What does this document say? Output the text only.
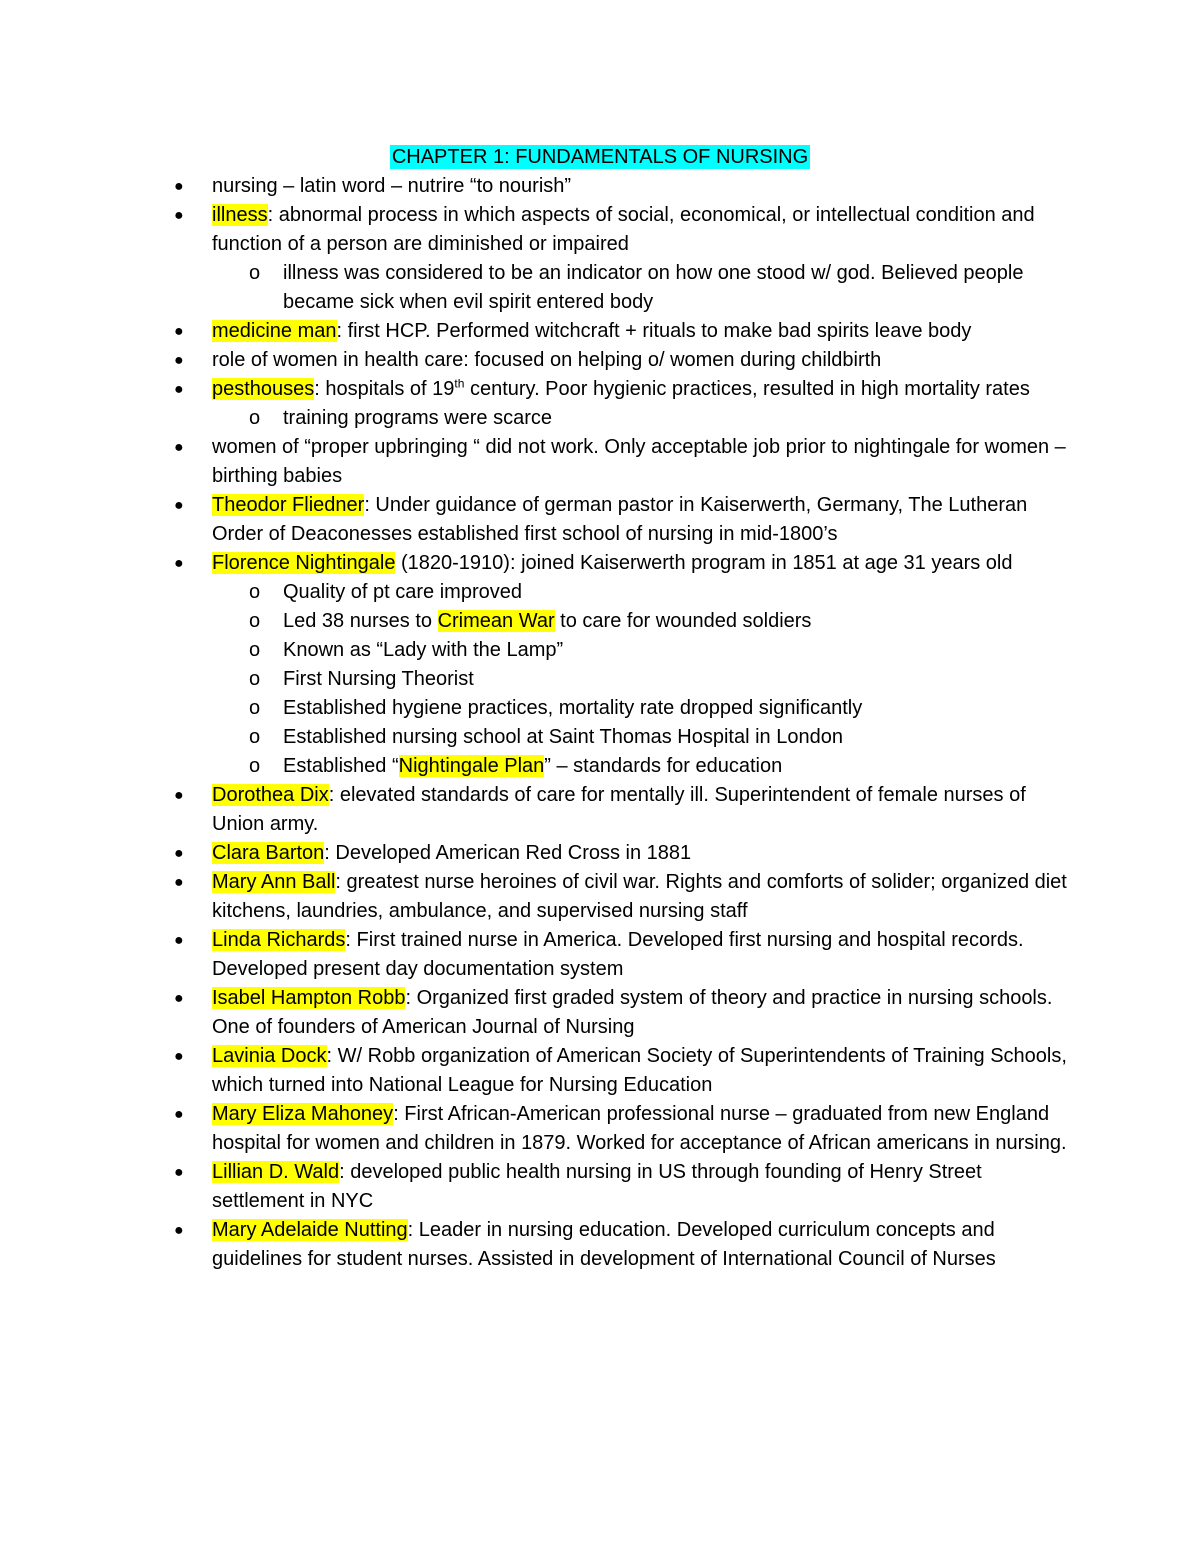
CHAPTER 1: FUNDAMENTALS OF NURSING
● nursing – latin word – nutrire “to nourish”
● illness: abnormal process in which aspects of social, economical, or intellectual condition and function of a person are diminished or impaired
o illness was considered to be an indicator on how one stood w/ god. Believed people became sick when evil spirit entered body
● medicine man: first HCP. Performed witchcraft + rituals to make bad spirits leave body
● role of women in health care: focused on helping o/ women during childbirth
● pesthouses: hospitals of 19th century. Poor hygienic practices, resulted in high mortality rates
o training programs were scarce
● women of “proper upbringing “ did not work. Only acceptable job prior to nightingale for women – birthing babies
● Theodor Fliedner: Under guidance of german pastor in Kaiserwerth, Germany, The Lutheran Order of Deaconesses established first school of nursing in mid-1800’s
● Florence Nightingale (1820-1910): joined Kaiserwerth program in 1851 at age 31 years old
o Quality of pt care improved
o Led 38 nurses to Crimean War to care for wounded soldiers
o Known as “Lady with the Lamp”
o First Nursing Theorist
o Established hygiene practices, mortality rate dropped significantly
o Established nursing school at Saint Thomas Hospital in London
o Established “Nightingale Plan” – standards for education
● Dorothea Dix: elevated standards of care for mentally ill. Superintendent of female nurses of Union army.
● Clara Barton: Developed American Red Cross in 1881
● Mary Ann Ball: greatest nurse heroines of civil war. Rights and comforts of solider; organized diet kitchens, laundries, ambulance, and supervised nursing staff
● Linda Richards: First trained nurse in America. Developed first nursing and hospital records. Developed present day documentation system
● Isabel Hampton Robb: Organized first graded system of theory and practice in nursing schools. One of founders of American Journal of Nursing
● Lavinia Dock: W/ Robb organization of American Society of Superintendents of Training Schools, which turned into National League for Nursing Education
● Mary Eliza Mahoney: First African-American professional nurse – graduated from new England hospital for women and children in 1879. Worked for acceptance of African americans in nursing.
● Lillian D. Wald: developed public health nursing in US through founding of Henry Street settlement in NYC
● Mary Adelaide Nutting: Leader in nursing education. Developed curriculum concepts and guidelines for student nurses. Assisted in development of International Council of Nurses
